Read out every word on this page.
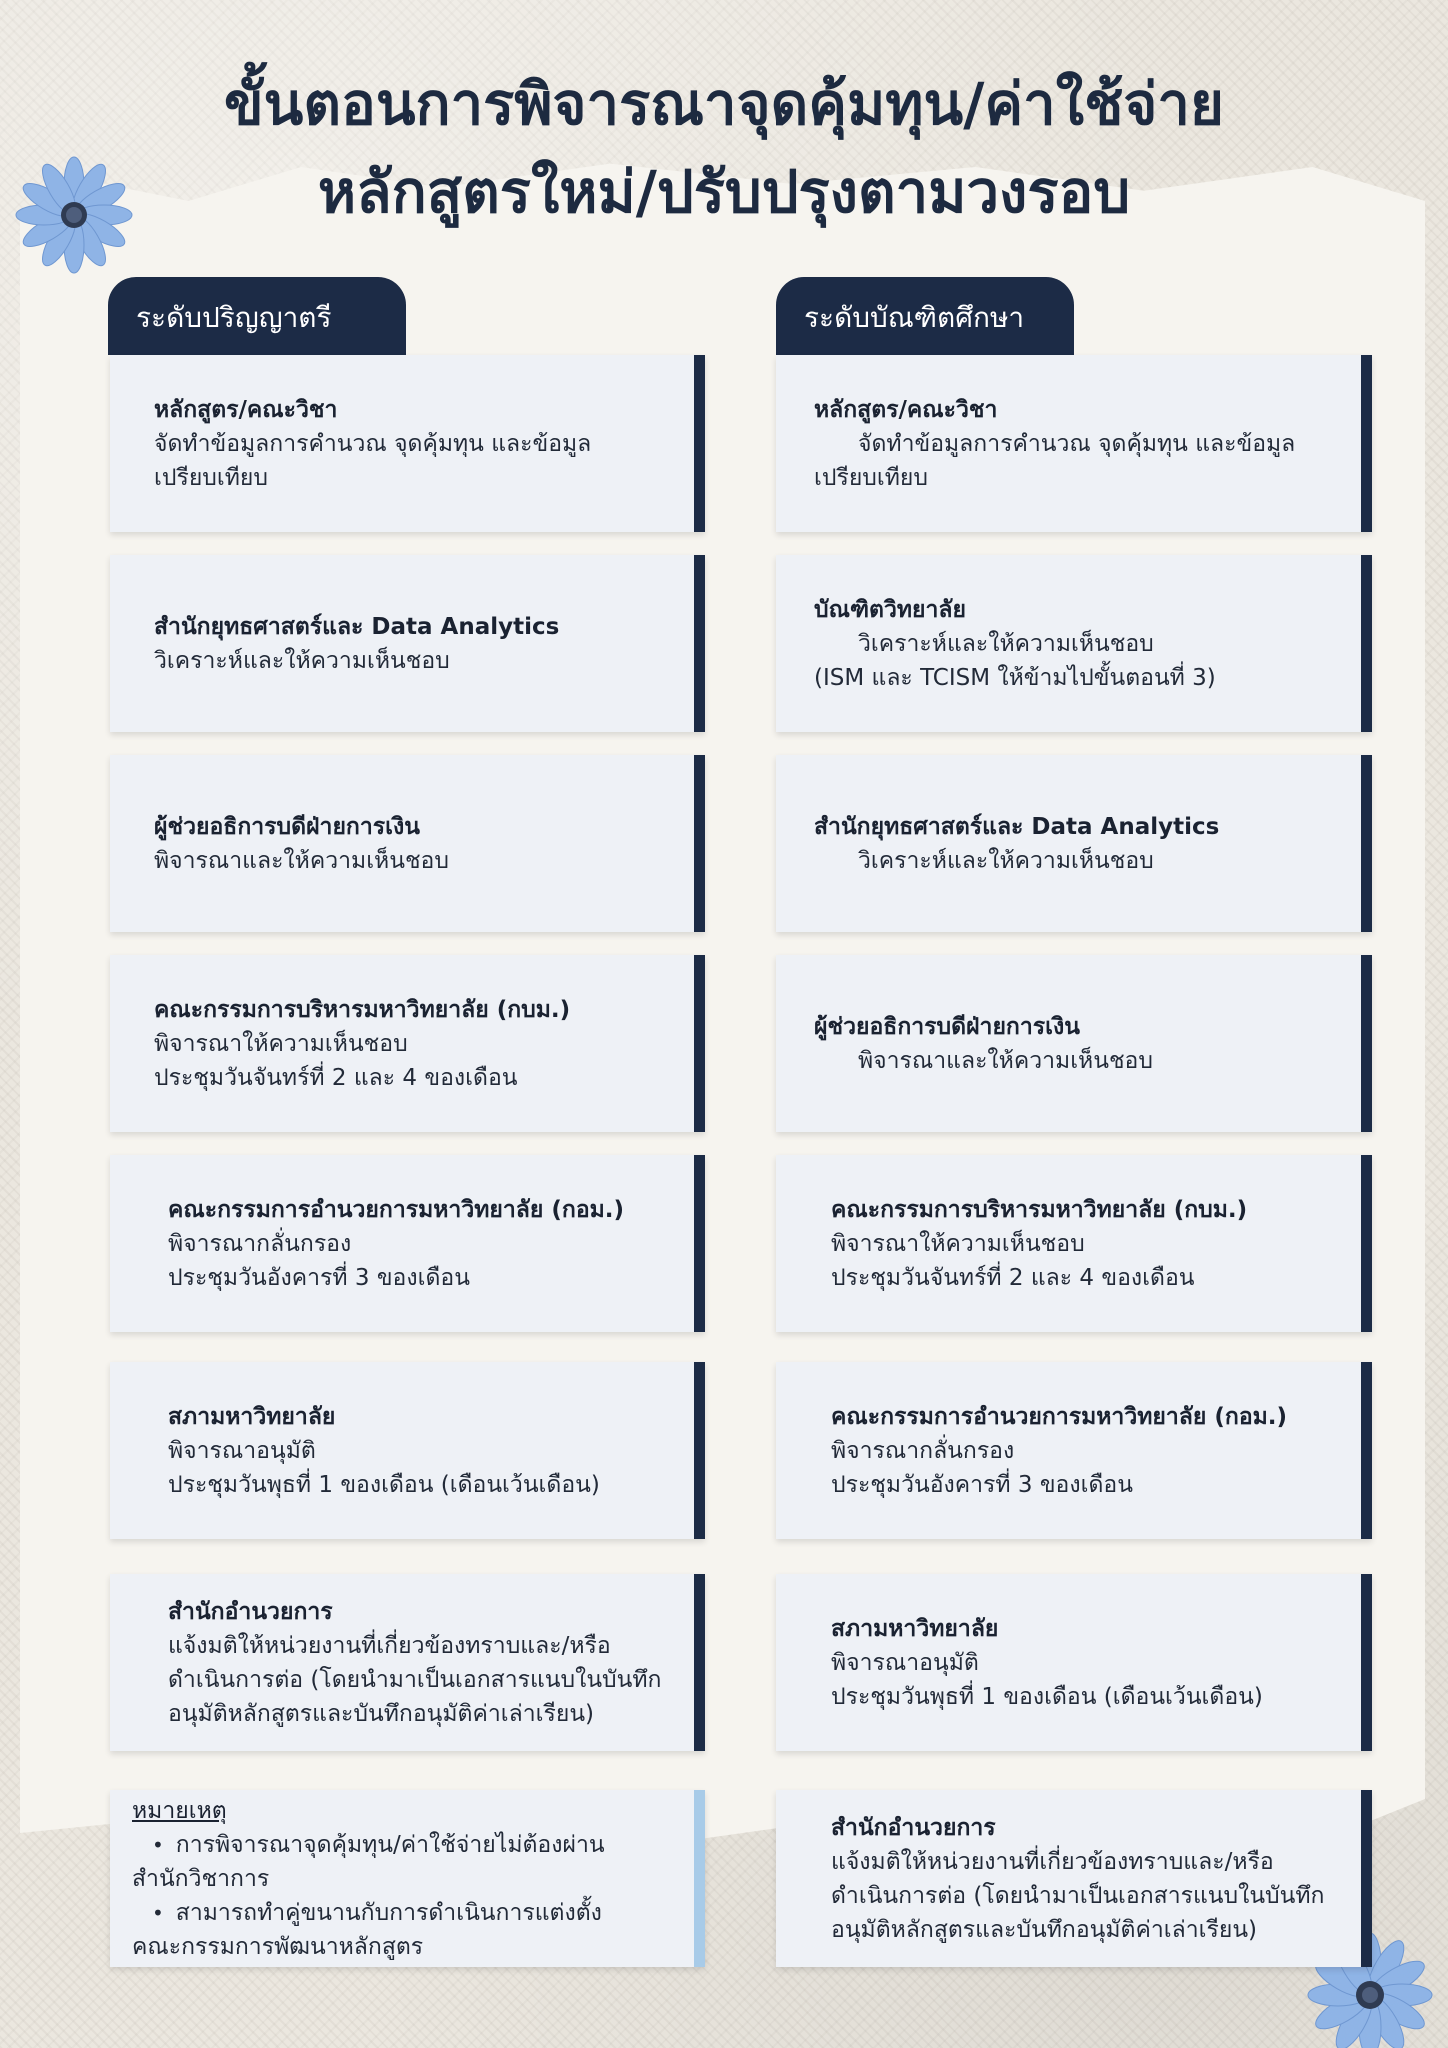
ขั้นตอนการพิจารณาจุดคุ้มทุน/ค่าใช้จ่าย
หลักสูตรใหม่/ปรับปรุงตามวงรอบ
ระดับปริญญาตรี
หลักสูตร/คณะวิชา
จัดทำข้อมูลการคำนวณ จุดคุ้มทุน และข้อมูล
เปรียบเทียบ
สำนักยุทธศาสตร์และ Data Analytics
วิเคราะห์และให้ความเห็นชอบ
ผู้ช่วยอธิการบดีฝ่ายการเงิน
พิจารณาและให้ความเห็นชอบ
คณะกรรมการบริหารมหาวิทยาลัย (กบม.)
พิจารณาให้ความเห็นชอบ
ประชุมวันจันทร์ที่ 2 และ 4 ของเดือน
คณะกรรมการอำนวยการมหาวิทยาลัย (กอม.)
พิจารณากลั่นกรอง
ประชุมวันอังคารที่ 3 ของเดือน
สภามหาวิทยาลัย
พิจารณาอนุมัติ
ประชุมวันพุธที่ 1 ของเดือน (เดือนเว้นเดือน)
สำนักอำนวยการ
แจ้งมติให้หน่วยงานที่เกี่ยวข้องทราบและ/หรือ
ดำเนินการต่อ (โดยนำมาเป็นเอกสารแนบในบันทึก
อนุมัติหลักสูตรและบันทึกอนุมัติค่าเล่าเรียน)
หมายเหตุ
• การพิจารณาจุดคุ้มทุน/ค่าใช้จ่ายไม่ต้องผ่าน
สำนักวิชาการ
• สามารถทำคู่ขนานกับการดำเนินการแต่งตั้ง
คณะกรรมการพัฒนาหลักสูตร
ระดับบัณฑิตศึกษา
หลักสูตร/คณะวิชา
จัดทำข้อมูลการคำนวณ จุดคุ้มทุน และข้อมูล
เปรียบเทียบ
บัณฑิตวิทยาลัย
วิเคราะห์และให้ความเห็นชอบ
(ISM และ TCISM ให้ข้ามไปขั้นตอนที่ 3)
สำนักยุทธศาสตร์และ Data Analytics
วิเคราะห์และให้ความเห็นชอบ
ผู้ช่วยอธิการบดีฝ่ายการเงิน
พิจารณาและให้ความเห็นชอบ
คณะกรรมการบริหารมหาวิทยาลัย (กบม.)
พิจารณาให้ความเห็นชอบ
ประชุมวันจันทร์ที่ 2 และ 4 ของเดือน
คณะกรรมการอำนวยการมหาวิทยาลัย (กอม.)
พิจารณากลั่นกรอง
ประชุมวันอังคารที่ 3 ของเดือน
สภามหาวิทยาลัย
พิจารณาอนุมัติ
ประชุมวันพุธที่ 1 ของเดือน (เดือนเว้นเดือน)
สำนักอำนวยการ
แจ้งมติให้หน่วยงานที่เกี่ยวข้องทราบและ/หรือ
ดำเนินการต่อ (โดยนำมาเป็นเอกสารแนบในบันทึก
อนุมัติหลักสูตรและบันทึกอนุมัติค่าเล่าเรียน)
